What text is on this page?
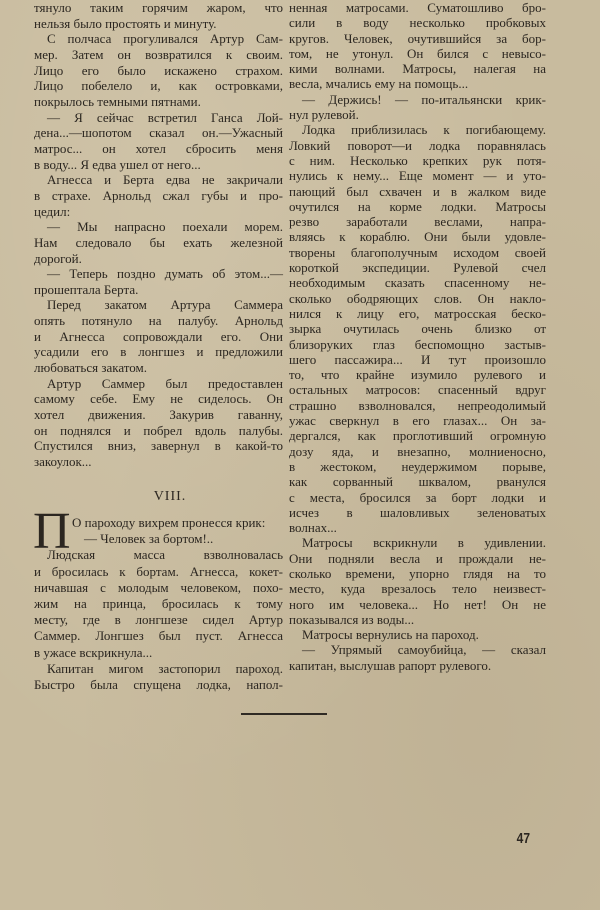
тянуло таким горячим жаром, что
нельзя было простоять и минуту.
С полчаса прогуливался Артур Сам-
мер. Затем он возвратился к своим.
Лицо его было искажено страхом.
Лицо побелело и, как островками,
покрылось темными пятнами.
— Я сейчас встретил Ганса Лой-
дена...—шопотом сказал он.—Ужасный
матрос... он хотел сбросить меня
в воду... Я едва ушел от него...
Агнесса и Берта едва не закричали
в страхе. Арнольд сжал губы и про-
цедил:
— Мы напрасно поехали морем.
Нам следовало бы ехать железной
дорогой.
— Теперь поздно думать об этом...—
прошептала Берта.
Перед закатом Артура Саммера
опять потянуло на палубу. Арнольд
и Агнесса сопровождали его. Они
усадили его в лонгшез и предложили
любоваться закатом.
Артур Саммер был предоставлен
самому себе. Ему не сиделось. Он
хотел движения. Закурив гаванну,
он поднялся и побрел вдоль палубы.
Спустился вниз, завернул в какой-то
закоулок...
VIII.
П О пароходу вихрем пронесся крик:
— Человек за бортом!..
Людская масса взволновалась
и бросилась к бортам. Агнесса, кокет-
ничавшая с молодым человеком, похо-
жим на принца, бросилась к тому
месту, где в лонгшезе сидел Артур
Саммер. Лонгшез был пуст. Агнесса
в ужасе вскрикнула...
Капитан мигом застопорил пароход.
Быстро была спущена лодка, напол-
ненная матросами. Суматошливо бро-
сили в воду несколько пробковых
кругов. Человек, очутившийся за бор-
том, не утонул. Он бился с невысо-
кими волнами. Матросы, налегая на
весла, мчались ему на помощь...
— Держись! — по-итальянски крик-
нул рулевой.
Лодка приблизилась к погибающему.
Ловкий поворот—и лодка поравнялась
с ним. Несколько крепких рук потя-
нулись к нему... Еще момент — и уто-
пающий был схвачен и в жалком виде
очутился на корме лодки. Матросы
резво заработали веслами, напра-
вляясь к кораблю. Они были удовле-
творены благополучным исходом своей
короткой экспедиции. Рулевой счел
необходимым сказать спасенному не-
сколько ободряющих слов. Он накло-
нился к лицу его, матросская беско-
зырка очутилась очень близко от
близоруких глаз беспомощно застыв-
шего пассажира... И тут произошло
то, что крайне изумило рулевого и
остальных матросов: спасенный вдруг
страшно взволновался, непреодолимый
ужас сверкнул в его глазах... Он за-
дергался, как проглотивший огромную
дозу яда, и внезапно, молниеносно,
в жестоком, неудержимом порыве,
как сорванный шквалом, рванулся
с места, бросился за борт лодки и
исчез в шаловливых зеленоватых
волнах...
Матросы вскрикнули в удивлении.
Они подняли весла и прождали не-
сколько времени, упорно глядя на то
место, куда врезалось тело неизвест-
ного им человека... Но нет! Он не
показывался из воды...
Матросы вернулись на пароход.
— Упрямый самоубийца, — сказал
капитан, выслушав рапорт рулевого.
47
